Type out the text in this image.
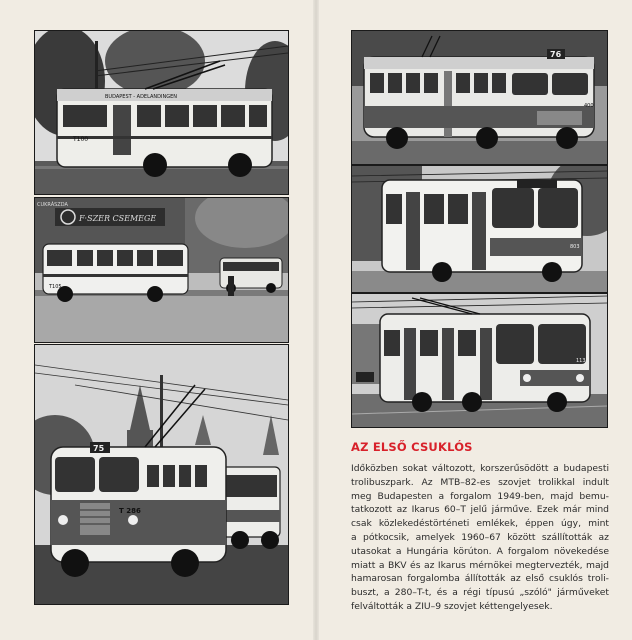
BUDAPEST - ADELANDINGEN
T100
F·SZER CSEMEGE
CUKRÁSZDA
T105
75
T 286
76
400
803
113
AZ ELSŐ CSUKLÓS

Időközben sokat változott, korszerűsödött a budapesti
trolibuszpark. Az MTB–82-es szovjet trolikkal indult
meg Budapesten a forgalom 1949-ben, majd bemu-
tatkozott az Ikarus 60–T jelű járműve. Ezek már mind
csak közlekedéstörténeti emlékek, éppen úgy, mint
a pótkocsik, amelyek 1960–67 között szállították az
utasokat a Hungária körúton. A forgalom növekedése
miatt a BKV és az Ikarus mérnökei megtervezték, majd
hamarosan forgalomba állították az első csuklós troli-
buszt, a 280–T-t, és a régi típusú „szóló" járműveket
felváltották a ZIU–9 szovjet kéttengelyesek.
